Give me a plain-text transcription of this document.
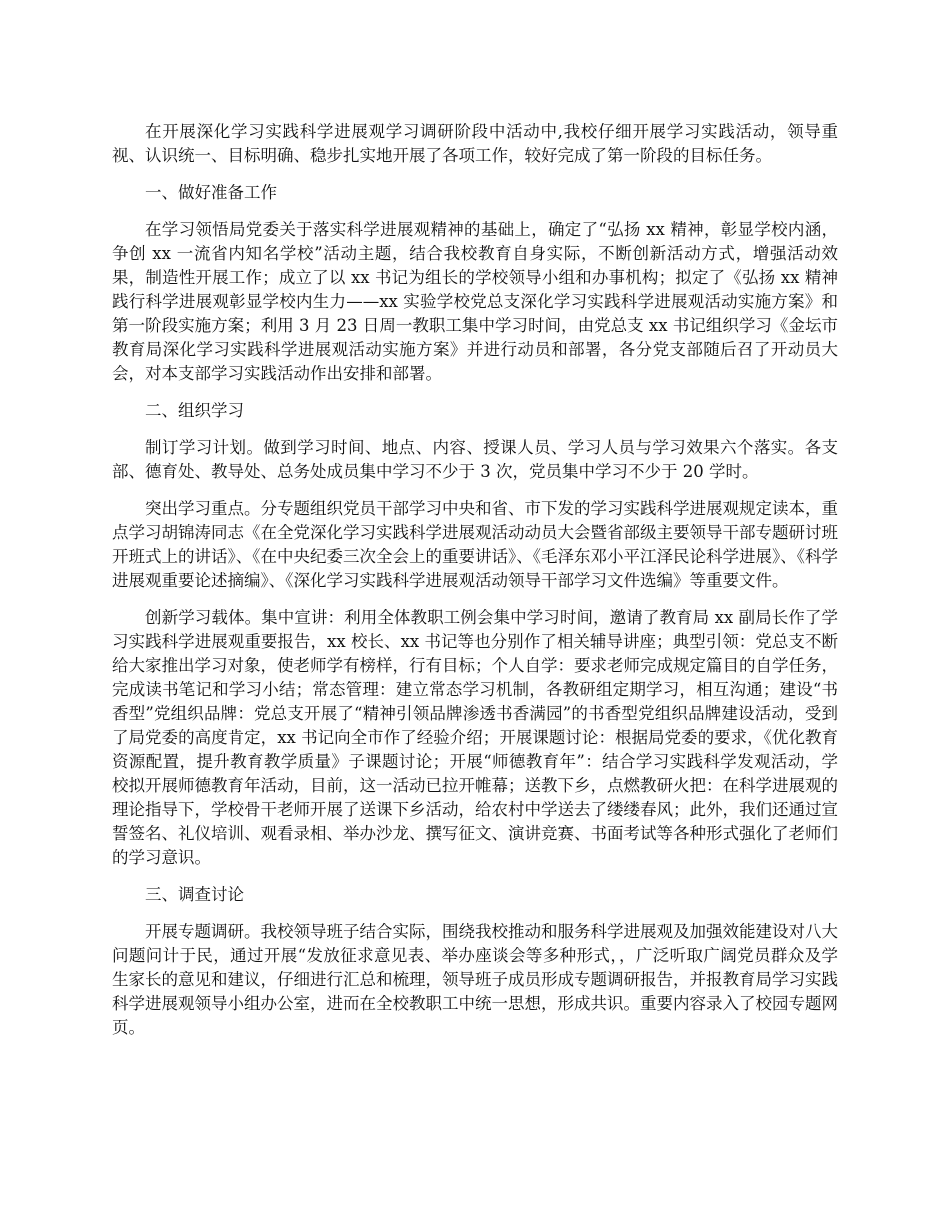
在开展深化学习实践科学进展观学习调研阶段中活动中,我校仔细开展学习实践活动，领导重视、认识统一、目标明确、稳步扎实地开展了各项工作，较好完成了第一阶段的目标任务。

一、做好准备工作

在学习领悟局党委关于落实科学进展观精神的基础上，确定了“弘扬 xx 精神，彰显学校内涵，争创 xx 一流省内知名学校”活动主题，结合我校教育自身实际，不断创新活动方式，增强活动效果，制造性开展工作；成立了以 xx 书记为组长的学校领导小组和办事机构；拟定了《弘扬 xx 精神践行科学进展观彰显学校内生力——xx 实验学校党总支深化学习实践科学进展观活动实施方案》和第一阶段实施方案；利用 3 月 23 日周一教职工集中学习时间，由党总支 xx 书记组织学习《金坛市教育局深化学习实践科学进展观活动实施方案》并进行动员和部署，各分党支部随后召了开动员大会，对本支部学习实践活动作出安排和部署。

二、组织学习

制订学习计划。做到学习时间、地点、内容、授课人员、学习人员与学习效果六个落实。各支部、德育处、教导处、总务处成员集中学习不少于 3 次，党员集中学习不少于 20 学时。

突出学习重点。分专题组织党员干部学习中央和省、市下发的学习实践科学进展观规定读本，重点学习胡锦涛同志《在全党深化学习实践科学进展观活动动员大会暨省部级主要领导干部专题研讨班开班式上的讲话》、《在中央纪委三次全会上的重要讲话》、《毛泽东邓小平江泽民论科学进展》、《科学进展观重要论述摘编》、《深化学习实践科学进展观活动领导干部学习文件选编》等重要文件。

创新学习载体。集中宣讲：利用全体教职工例会集中学习时间，邀请了教育局 xx 副局长作了学习实践科学进展观重要报告，xx 校长、xx 书记等也分别作了相关辅导讲座；典型引领：党总支不断给大家推出学习对象，使老师学有榜样，行有目标；个人自学：要求老师完成规定篇目的自学任务，完成读书笔记和学习小结；常态管理：建立常态学习机制，各教研组定期学习，相互沟通；建设“书香型”党组织品牌：党总支开展了“精神引领品牌渗透书香满园”的书香型党组织品牌建设活动，受到了局党委的高度肯定，xx 书记向全市作了经验介绍；开展课题讨论：根据局党委的要求，《优化教育资源配置，提升教育教学质量》子课题讨论；开展“师德教育年”：结合学习实践科学发观活动，学校拟开展师德教育年活动，目前，这一活动已拉开帷幕；送教下乡，点燃教研火把：在科学进展观的理论指导下，学校骨干老师开展了送课下乡活动，给农村中学送去了缕缕春风；此外，我们还通过宣誓签名、礼仪培训、观看录相、举办沙龙、撰写征文、演讲竞赛、书面考试等各种形式强化了老师们的学习意识。

三、调查讨论

开展专题调研。我校领导班子结合实际，围绕我校推动和服务科学进展观及加强效能建设对八大问题问计于民，通过开展“发放征求意见表、举办座谈会等多种形式，，广泛听取广阔党员群众及学生家长的意见和建议，仔细进行汇总和梳理，领导班子成员形成专题调研报告，并报教育局学习实践科学进展观领导小组办公室，进而在全校教职工中统一思想，形成共识。重要内容录入了校园专题网页。
